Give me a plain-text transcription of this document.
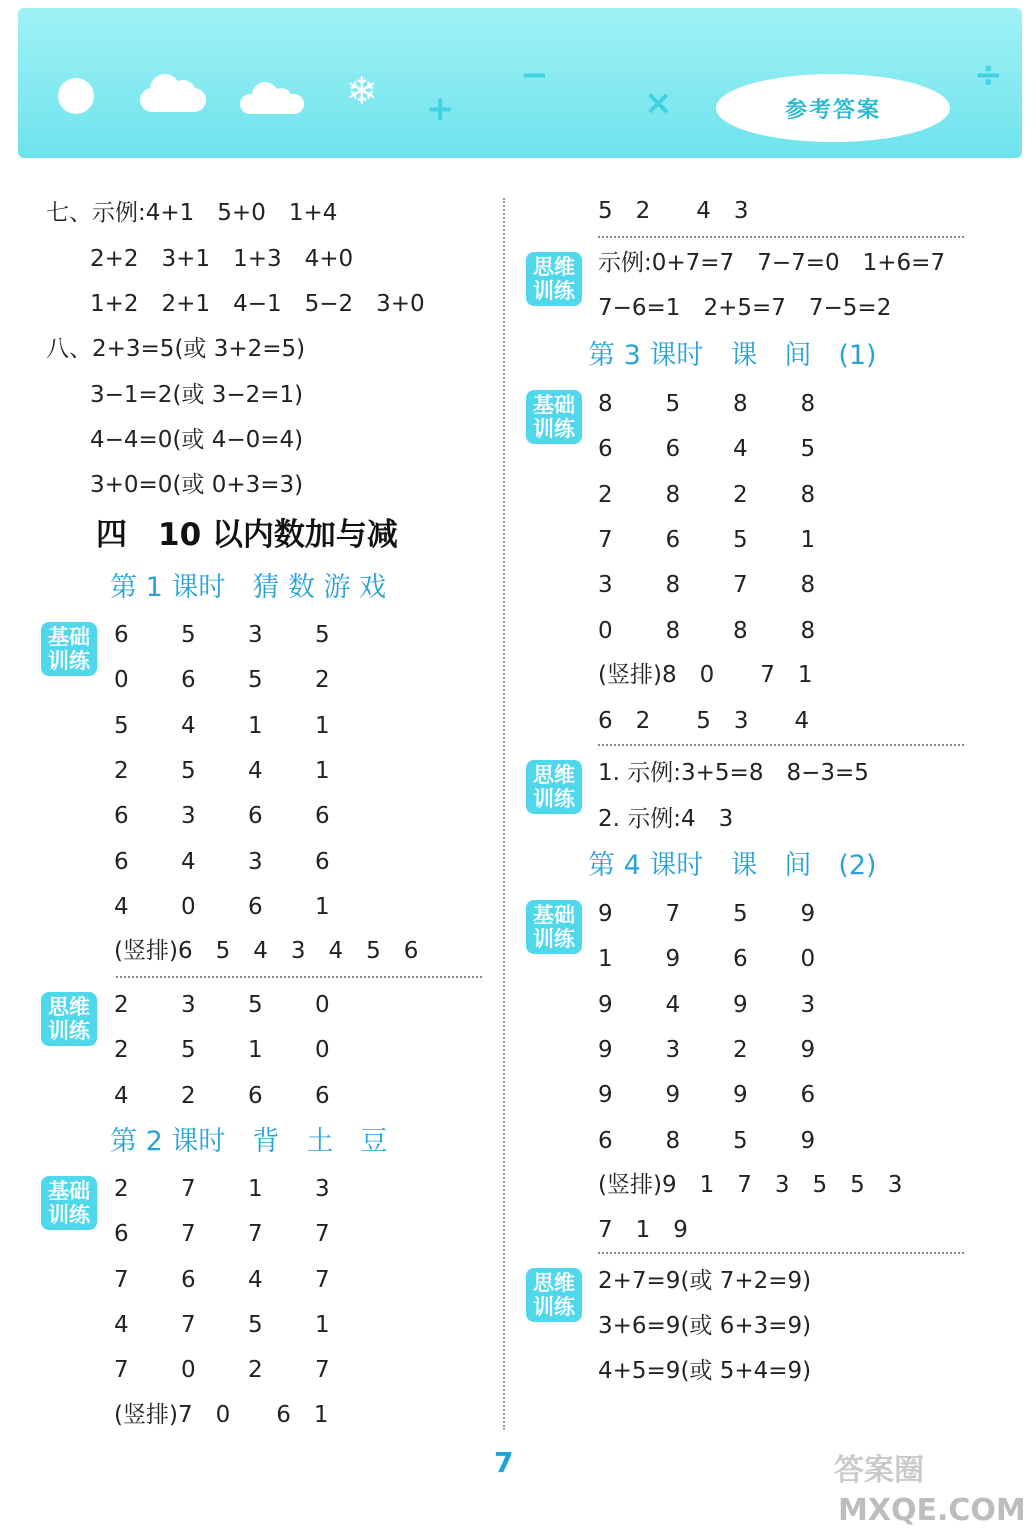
❄ +
−
×
÷
参考答案
七、示例:4+1　5+0　1+4
2+2　3+1　1+3　4+0
1+2　2+1　4−1　5−2　3+0
八、2+3=5(或 3+2=5)
3−1=2(或 3−2=1)
4−4=0(或 4−0=4)
3+0=0(或 0+3=3)
四　10 以内数加与减
第 1 课时　猜 数 游 戏
基础
训练
6 5 3 5
0 6 5 2
5 4 1 1
2 5 4 1
6 3 6 6
6 4 3 6
4 0 6 1
(竖排)6　5　4　3　4　5　6
思维
训练
2 3 5 0
2 5 1 0
4 2 6 6
第 2 课时　背　土　豆
基础
训练
2 7 1 3
6 7 7 7
7 6 4 7
4 7 5 1
7 0 2 7
(竖排)7　0　　6　1
5　2　　4　3
思维
训练
示例:0+7=7　7−7=0　1+6=7
7−6=1　2+5=7　7−5=2
第 3 课时　课　间　(1)
基础
训练
8 5 8 8
6 6 4 5
2 8 2 8
7 6 5 1
3 8 7 8
0 8 8 8
(竖排)8　0　　7　1
6　2　　5　3　　4
思维
训练
1. 示例:3+5=8　8−3=5
2. 示例:4　3
第 4 课时　课　间　(2)
基础
训练
9 7 5 9
1 9 6 0
9 4 9 3
9 3 2 9
9 9 9 6
6 8 5 9
(竖排)9　1　7　3　5　5　3
7　1　9
思维
训练
2+7=9(或 7+2=9)
3+6=9(或 6+3=9)
4+5=9(或 5+4=9)
7	答案圈
MXQE.COM
